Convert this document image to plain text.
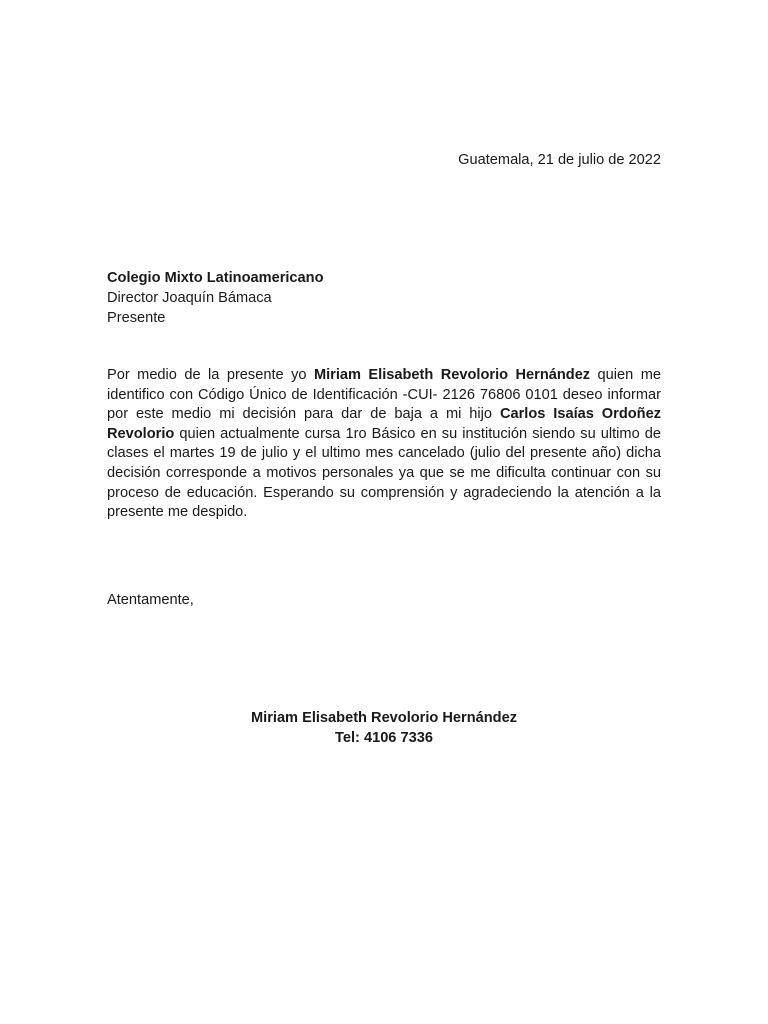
Guatemala, 21 de julio de 2022
Colegio Mixto Latinoamericano
Director Joaquín Bámaca
Presente

Por medio de la presente yo Miriam Elisabeth Revolorio Hernández quien me identifico con Código Único de Identificación -CUI- 2126 76806 0101 deseo informar por este medio mi decisión para dar de baja a mi hijo Carlos Isaías Ordoñez Revolorio quien actualmente cursa 1ro Básico en su institución siendo su ultimo de clases el martes 19 de julio y el ultimo mes cancelado (julio del presente año) dicha decisión corresponde a motivos personales ya que se me dificulta continuar con su proceso de educación. Esperando su comprensión y agradeciendo la atención a la presente me despido.

Atentamente,
Miriam Elisabeth Revolorio Hernández
Tel: 4106 7336
